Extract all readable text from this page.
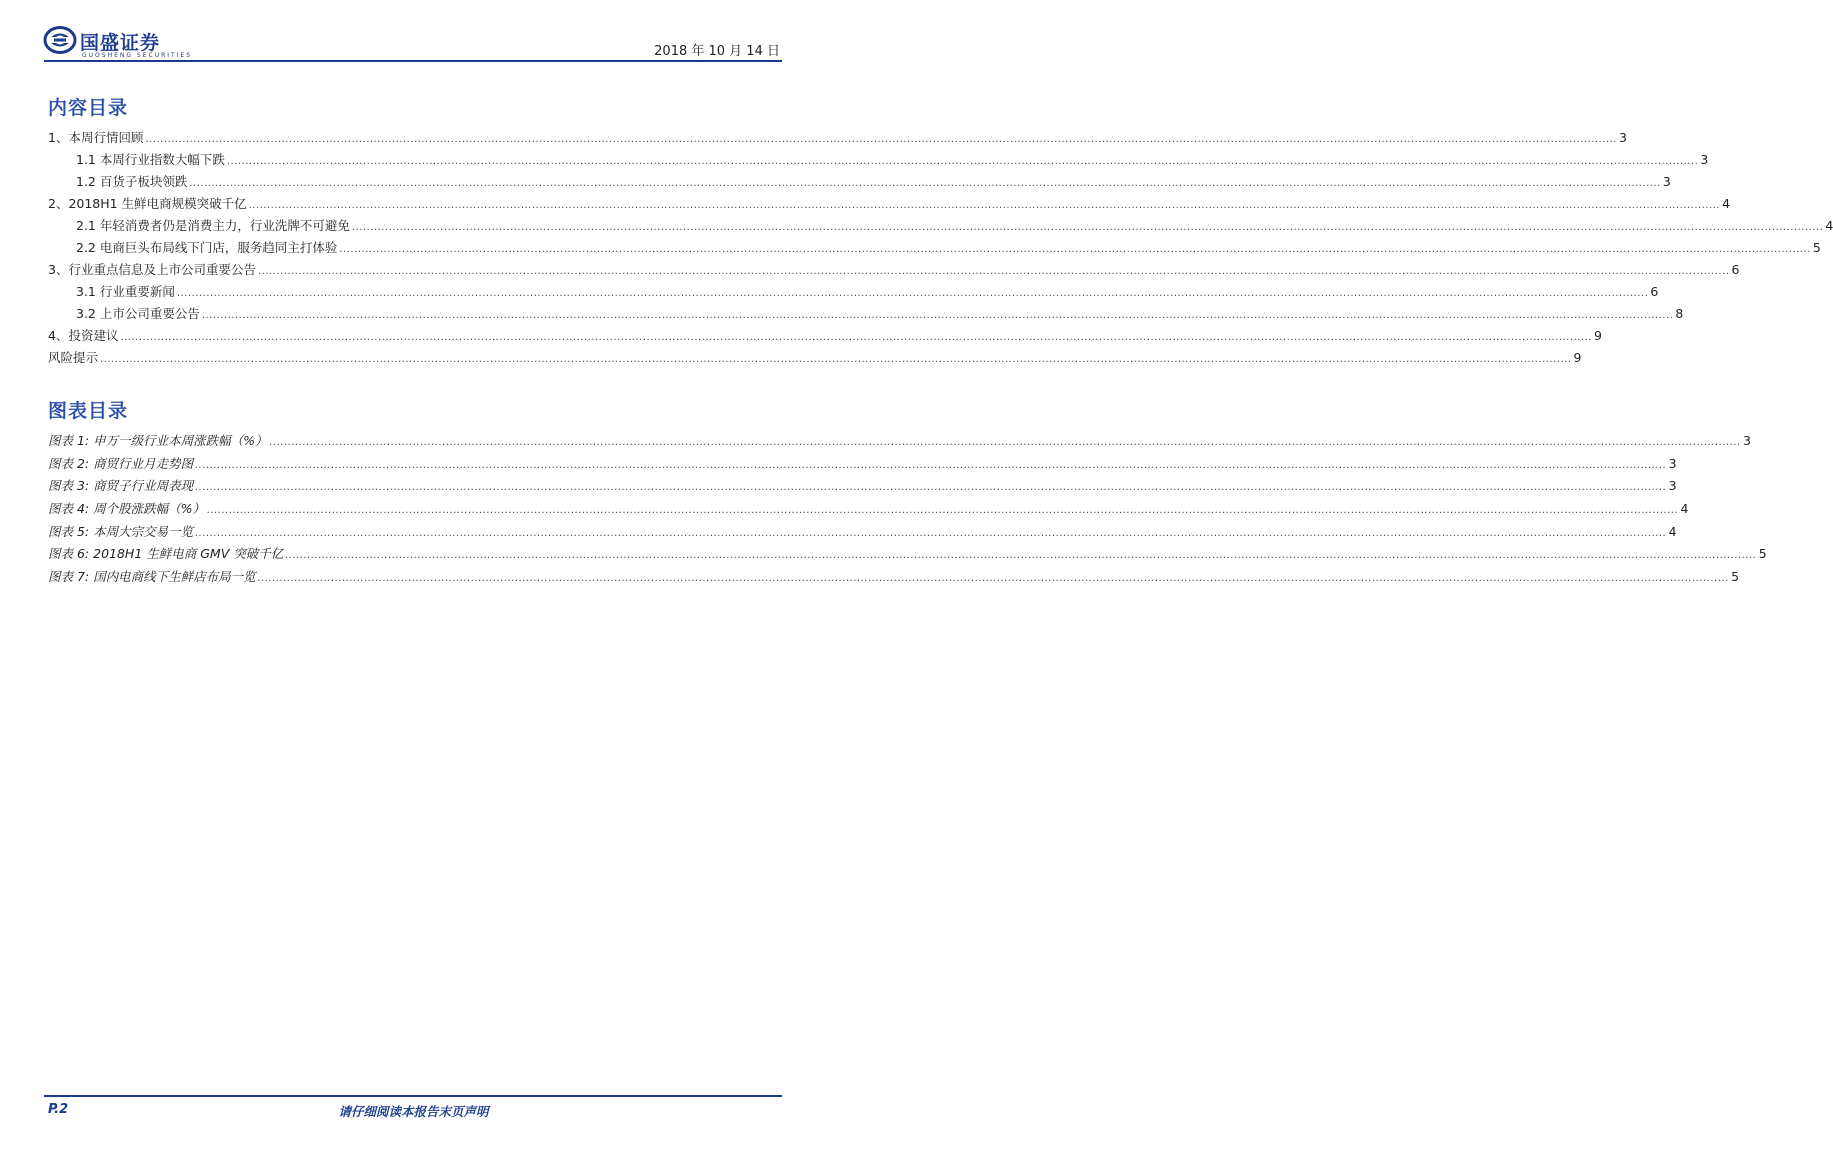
国盛证券
GUOSHENG SECURITIES	2018 年 10 月 14 日
内容目录
1、本周行情回顾 ................................................................................................................................................................................................................................................................................................................................................................................................................ 3
1.1 本周行业指数大幅下跌 ................................................................................................................................................................................................................................................................................................................................................................................................................ 3
1.2 百货子板块领跌 ................................................................................................................................................................................................................................................................................................................................................................................................................ 3
2、2018H1 生鲜电商规模突破千亿 ................................................................................................................................................................................................................................................................................................................................................................................................................ 4
2.1 年轻消费者仍是消费主力，行业洗牌不可避免 ................................................................................................................................................................................................................................................................................................................................................................................................................ 4
2.2 电商巨头布局线下门店，服务趋同主打体验 ................................................................................................................................................................................................................................................................................................................................................................................................................ 5
3、行业重点信息及上市公司重要公告 ................................................................................................................................................................................................................................................................................................................................................................................................................ 6
3.1 行业重要新闻 ................................................................................................................................................................................................................................................................................................................................................................................................................ 6
3.2 上市公司重要公告 ................................................................................................................................................................................................................................................................................................................................................................................................................ 8
4、投资建议 ................................................................................................................................................................................................................................................................................................................................................................................................................ 9
风险提示 ................................................................................................................................................................................................................................................................................................................................................................................................................ 9
图表目录
图表 1: 申万一级行业本周涨跌幅（%） ................................................................................................................................................................................................................................................................................................................................................................................................................ 3
图表 2: 商贸行业月走势图 ................................................................................................................................................................................................................................................................................................................................................................................................................ 3
图表 3: 商贸子行业周表现 ................................................................................................................................................................................................................................................................................................................................................................................................................ 3
图表 4: 周个股涨跌幅（%） ................................................................................................................................................................................................................................................................................................................................................................................................................ 4
图表 5: 本周大宗交易一览 ................................................................................................................................................................................................................................................................................................................................................................................................................ 4
图表 6: 2018H1 生鲜电商 GMV 突破千亿 ................................................................................................................................................................................................................................................................................................................................................................................................................ 5
图表 7: 国内电商线下生鲜店布局一览 ................................................................................................................................................................................................................................................................................................................................................................................................................ 5
请仔细阅读本报告末页声明
P.2
